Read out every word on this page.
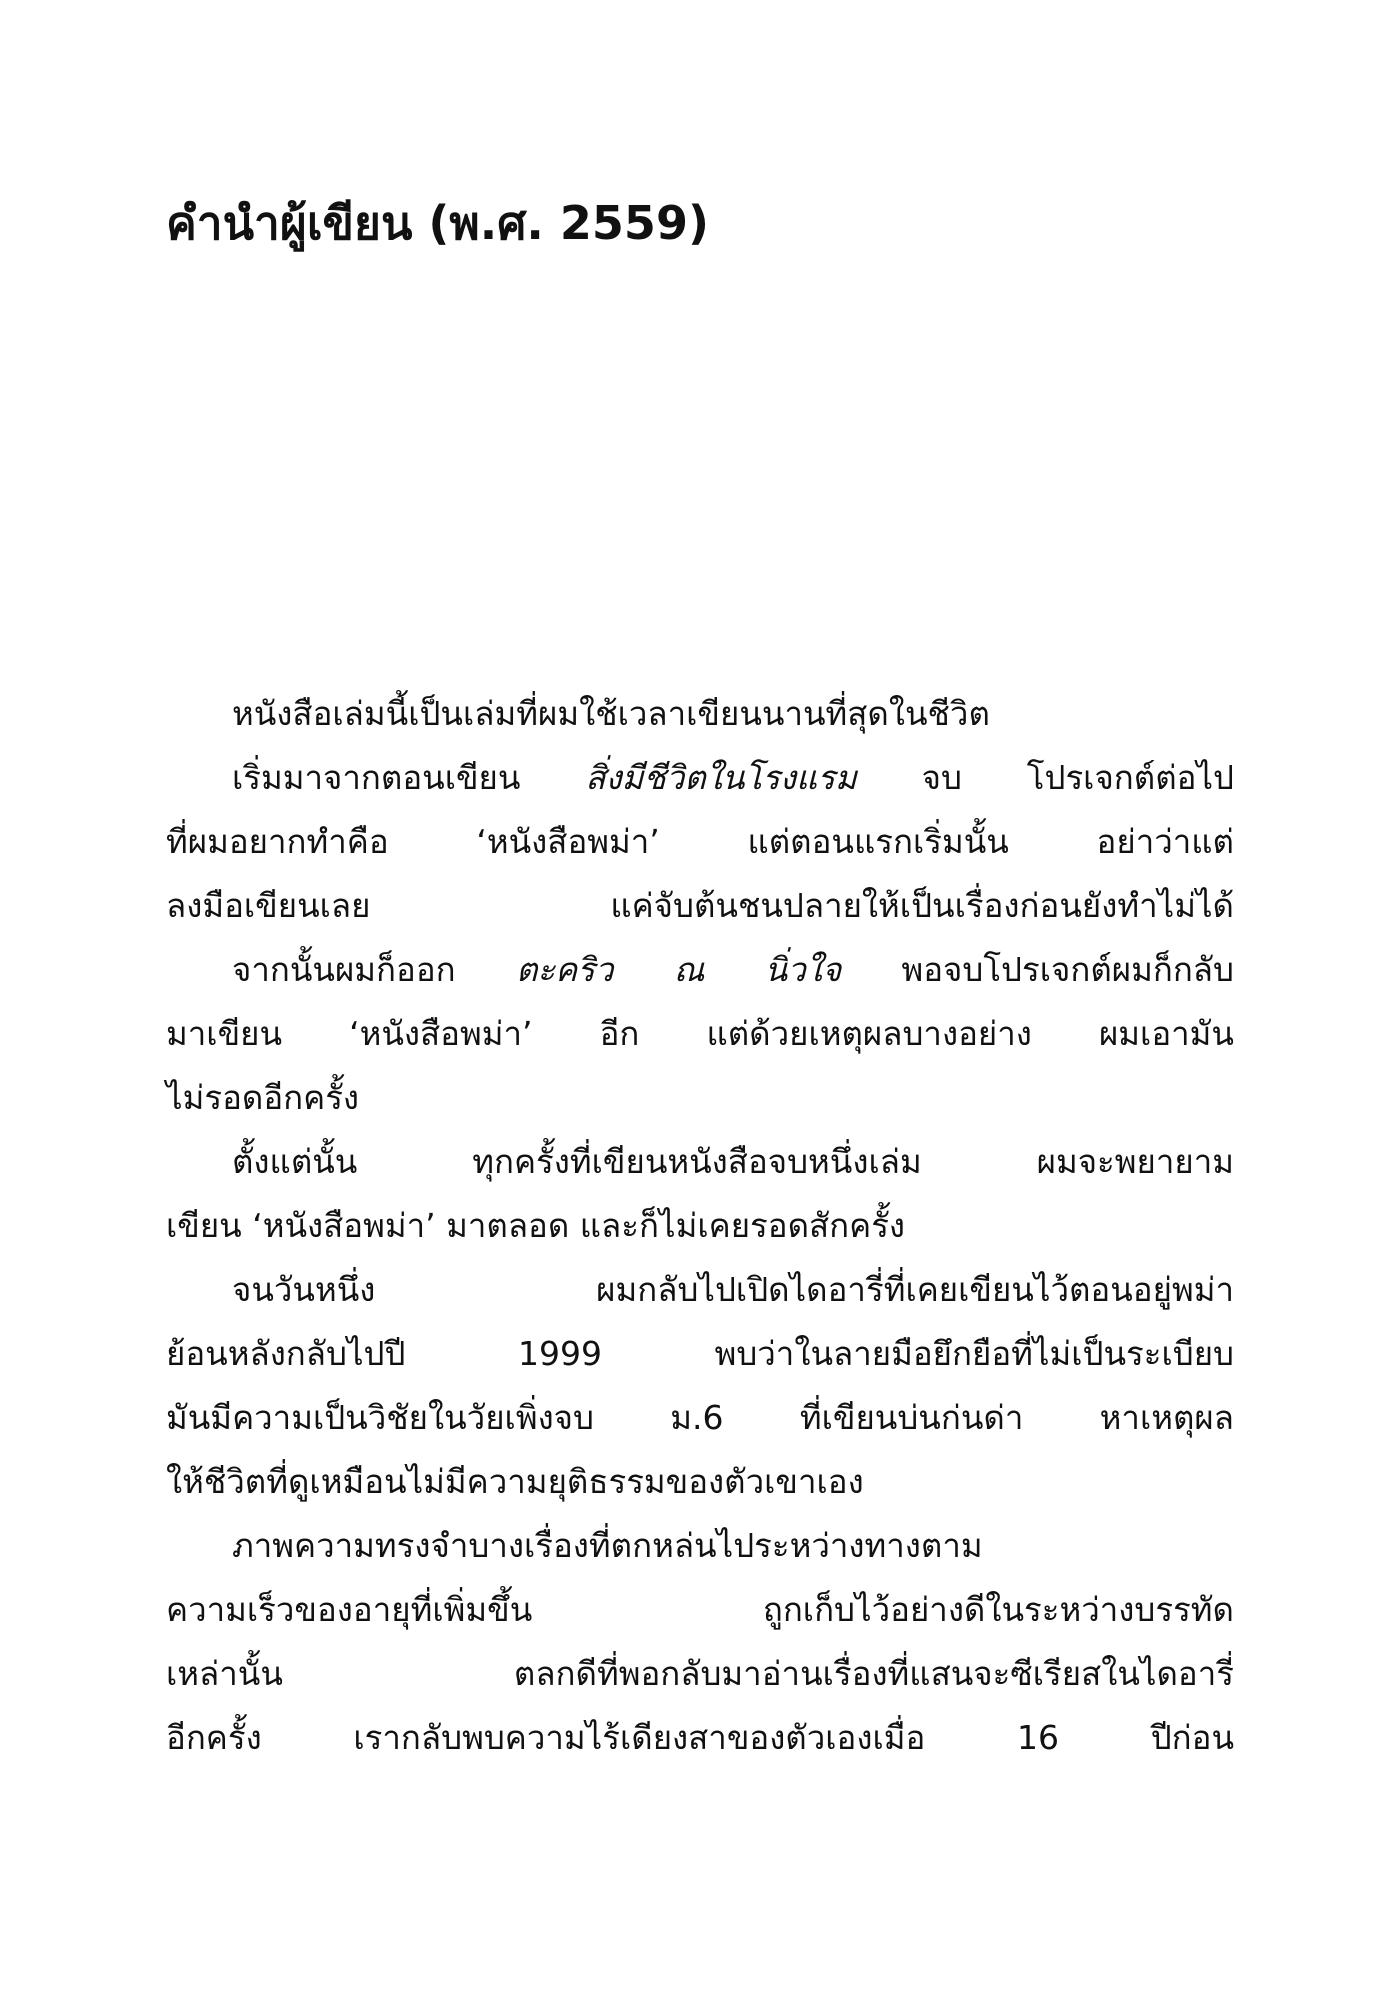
คำนำผู้เขียน (พ.ศ. 2559)
หนังสือเล่มนี้เป็นเล่มที่ผมใช้เวลาเขียนนานที่สุดในชีวิต
เริ่มมาจากตอนเขียน สิ่งมีชีวิตในโรงแรม จบ โปรเจกต์ต่อไป
ที่ผมอยากทำคือ ‘หนังสือพม่า’ แต่ตอนแรกเริ่มนั้น อย่าว่าแต่
ลงมือเขียนเลย แค่จับต้นชนปลายให้เป็นเรื่องก่อนยังทำไม่ได้
จากนั้นผมก็ออก ตะคริว ณ นิ่วใจ พอจบโปรเจกต์ผมก็กลับ
มาเขียน ‘หนังสือพม่า’ อีก แต่ด้วยเหตุผลบางอย่าง ผมเอามัน
ไม่รอดอีกครั้ง
ตั้งแต่นั้น ทุกครั้งที่เขียนหนังสือจบหนึ่งเล่ม ผมจะพยายาม
เขียน ‘หนังสือพม่า’ มาตลอด และก็ไม่เคยรอดสักครั้ง
จนวันหนึ่ง ผมกลับไปเปิดไดอารี่ที่เคยเขียนไว้ตอนอยู่พม่า
ย้อนหลังกลับไปปี 1999 พบว่าในลายมือยึกยือที่ไม่เป็นระเบียบ
มันมีความเป็นวิชัยในวัยเพิ่งจบ ม.6 ที่เขียนบ่นก่นด่า หาเหตุผล
ให้ชีวิตที่ดูเหมือนไม่มีความยุติธรรมของตัวเขาเอง
ภาพความทรงจำบางเรื่องที่ตกหล่นไประหว่างทางตาม
ความเร็วของอายุที่เพิ่มขึ้น ถูกเก็บไว้อย่างดีในระหว่างบรรทัด
เหล่านั้น ตลกดีที่พอกลับมาอ่านเรื่องที่แสนจะซีเรียสในไดอารี่
อีกครั้ง เรากลับพบความไร้เดียงสาของตัวเองเมื่อ 16 ปีก่อน
